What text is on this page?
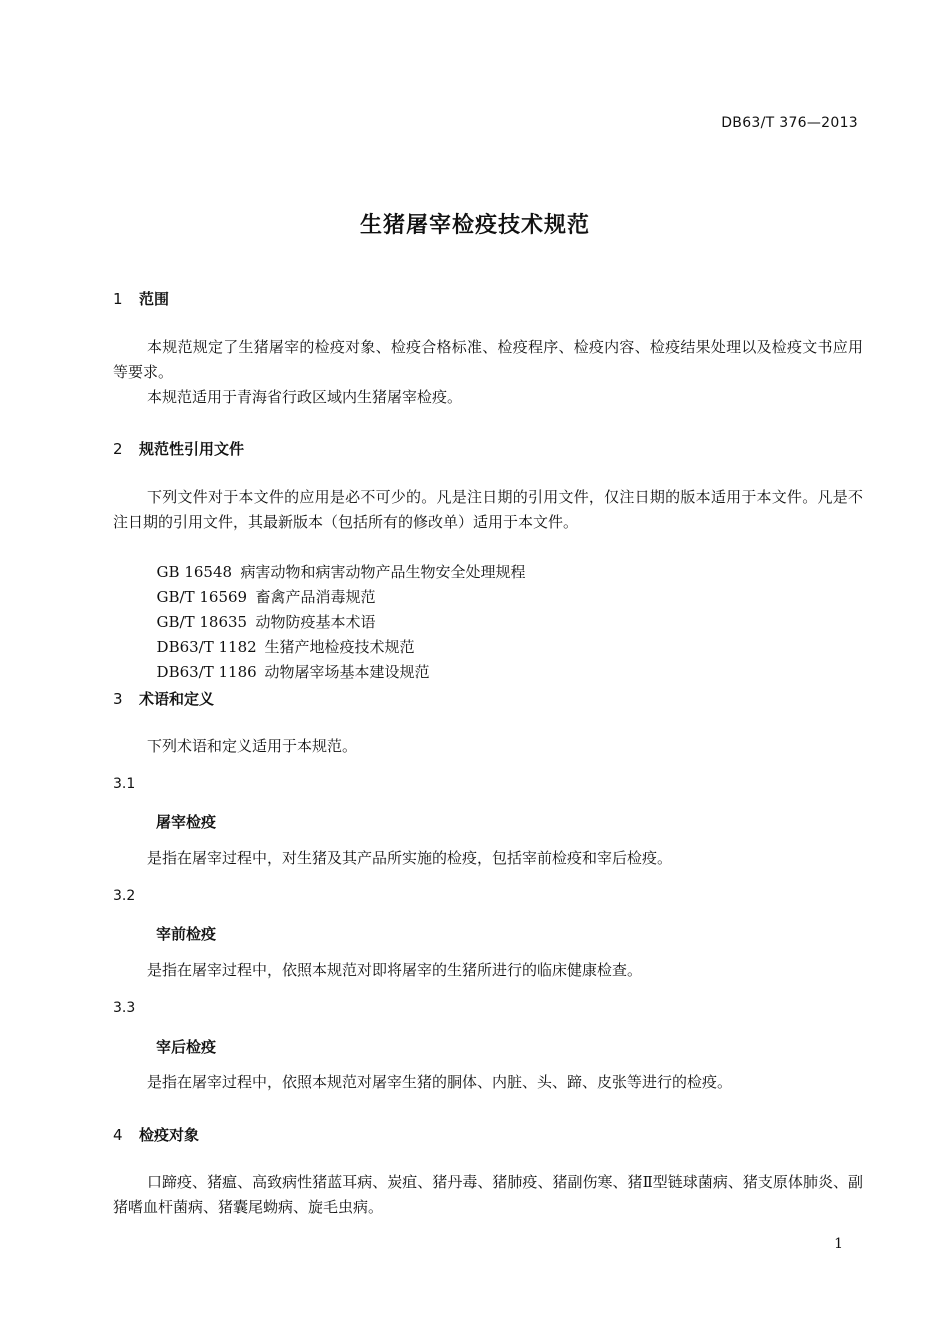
DB63/T 376—2013
生猪屠宰检疫技术规范
1 范围
本规范规定了生猪屠宰的检疫对象、检疫合格标准、检疫程序、检疫内容、检疫结果处理以及检疫文书应用等要求。
本规范适用于青海省行政区域内生猪屠宰检疫。
2 规范性引用文件
下列文件对于本文件的应用是必不可少的。凡是注日期的引用文件，仅注日期的版本适用于本文件。凡是不注日期的引用文件，其最新版本（包括所有的修改单）适用于本文件。

GB 16548 病害动物和病害动物产品生物安全处理规程

GB/T 16569 畜禽产品消毒规范

GB/T 18635 动物防疫基本术语

DB63/T 1182 生猪产地检疫技术规范

DB63/T 1186 动物屠宰场基本建设规范

3 术语和定义
下列术语和定义适用于本规范。
3.1
屠宰检疫
是指在屠宰过程中，对生猪及其产品所实施的检疫，包括宰前检疫和宰后检疫。
3.2
宰前检疫
是指在屠宰过程中，依照本规范对即将屠宰的生猪所进行的临床健康检查。
3.3
宰后检疫
是指在屠宰过程中，依照本规范对屠宰生猪的胴体、内脏、头、蹄、皮张等进行的检疫。
4 检疫对象
口蹄疫、猪瘟、高致病性猪蓝耳病、炭疽、猪丹毒、猪肺疫、猪副伤寒、猪Ⅱ型链球菌病、猪支原体肺炎、副猪嗜血杆菌病、猪囊尾蚴病、旋毛虫病。
1
